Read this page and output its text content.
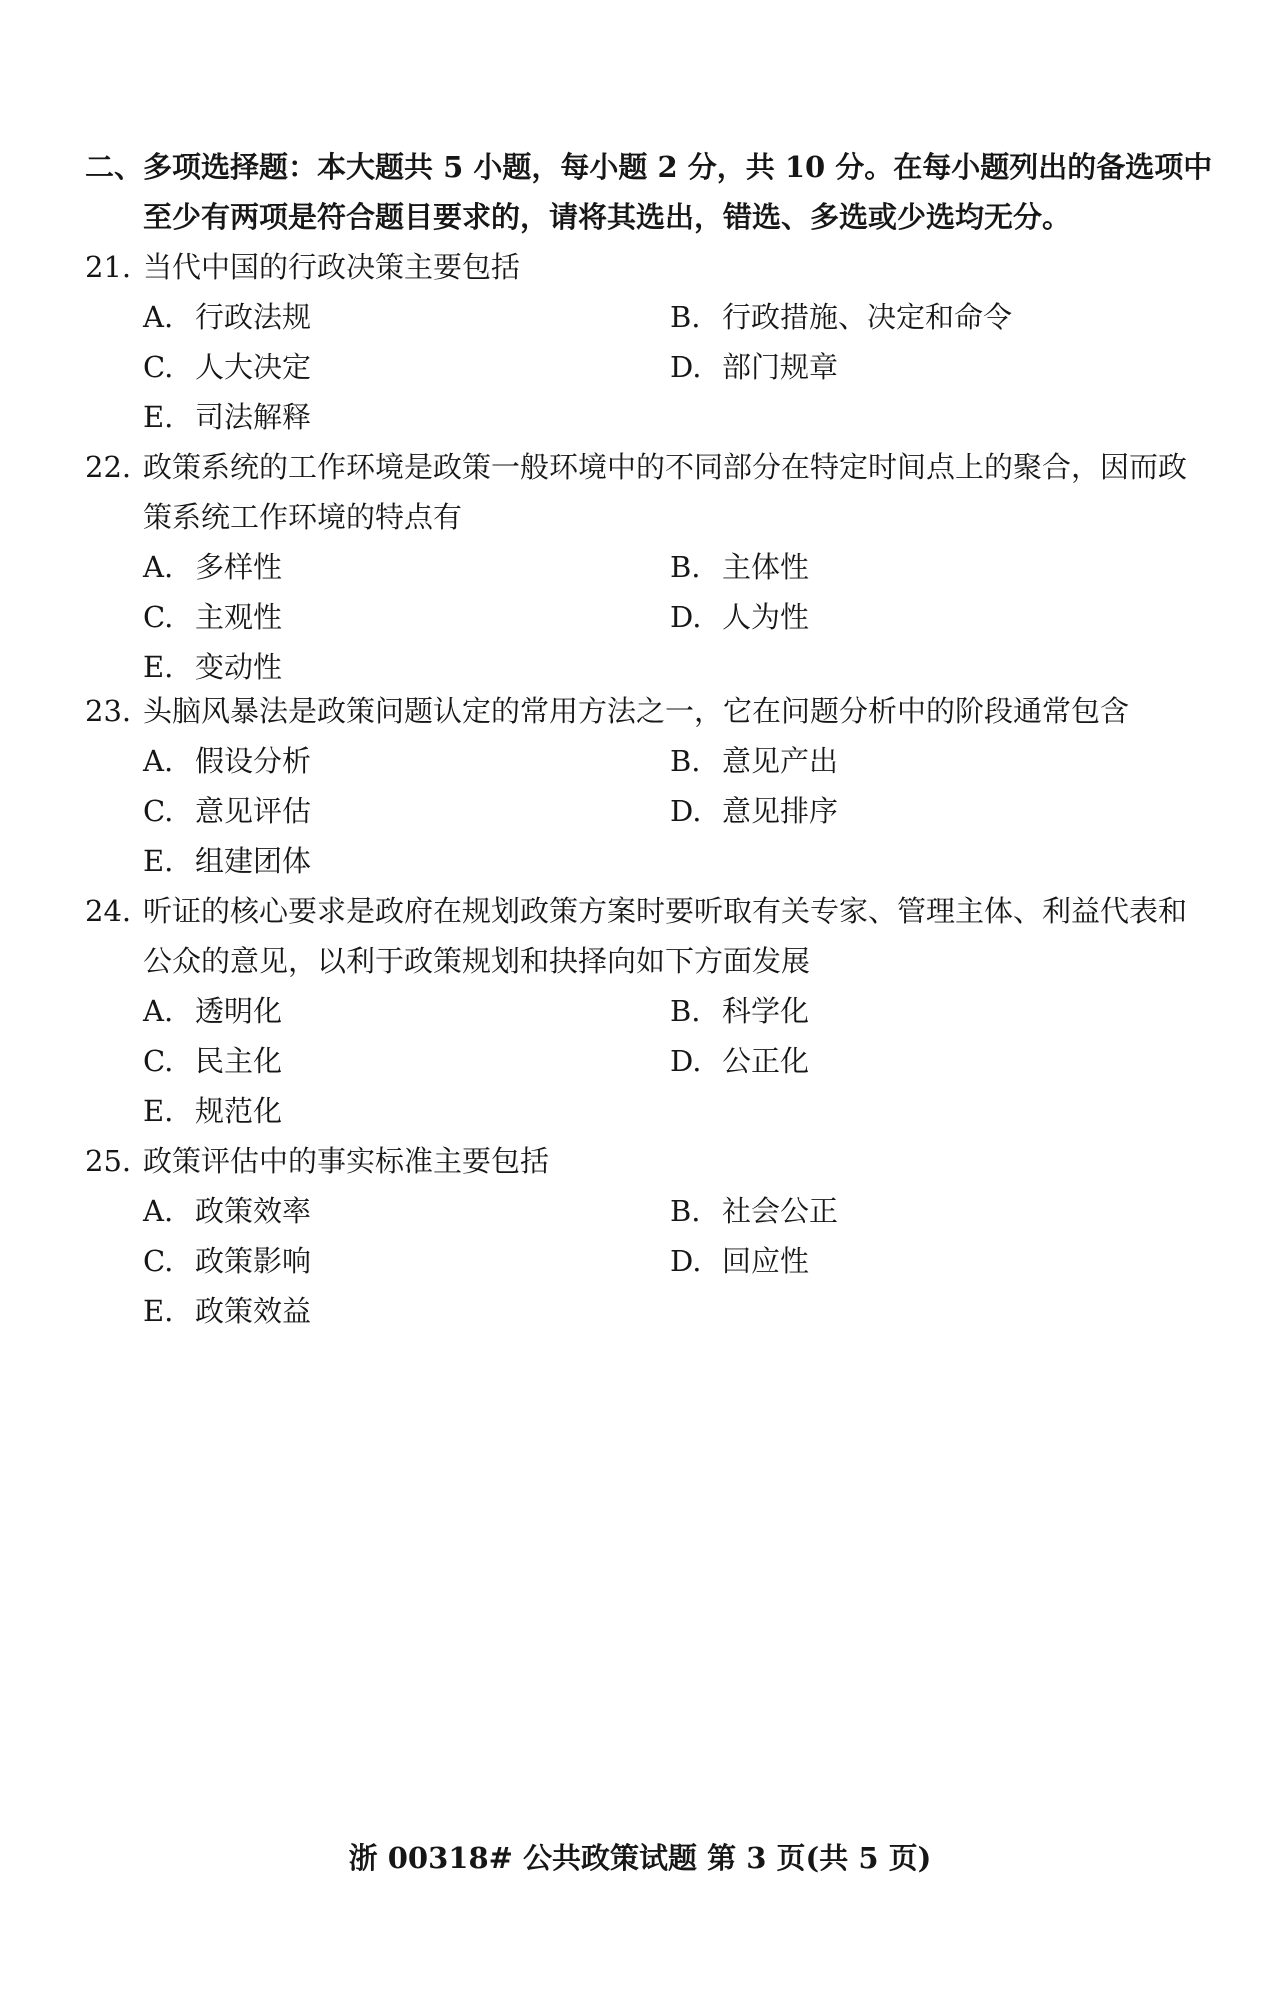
二、多项选择题：本大题共 5 小题，每小题 2 分，共 10 分。在每小题列出的备选项中
至少有两项是符合题目要求的，请将其选出，错选、多选或少选均无分。
21. 当代中国的行政决策主要包括
A. 行政法规	B. 行政措施、决定和命令
C. 人大决定	D. 部门规章
E. 司法解释
22. 政策系统的工作环境是政策一般环境中的不同部分在特定时间点上的聚合，因而政
策系统工作环境的特点有
A. 多样性	B. 主体性
C. 主观性	D. 人为性
E. 变动性
23. 头脑风暴法是政策问题认定的常用方法之一，它在问题分析中的阶段通常包含
A. 假设分析	B. 意见产出
C. 意见评估	D. 意见排序
E. 组建团体
24. 听证的核心要求是政府在规划政策方案时要听取有关专家、管理主体、利益代表和
公众的意见，以利于政策规划和抉择向如下方面发展
A. 透明化	B. 科学化
C. 民主化	D. 公正化
E. 规范化
25. 政策评估中的事实标准主要包括
A. 政策效率	B. 社会公正
C. 政策影响	D. 回应性
E. 政策效益
浙 00318# 公共政策试题 第 3 页(共 5 页)
